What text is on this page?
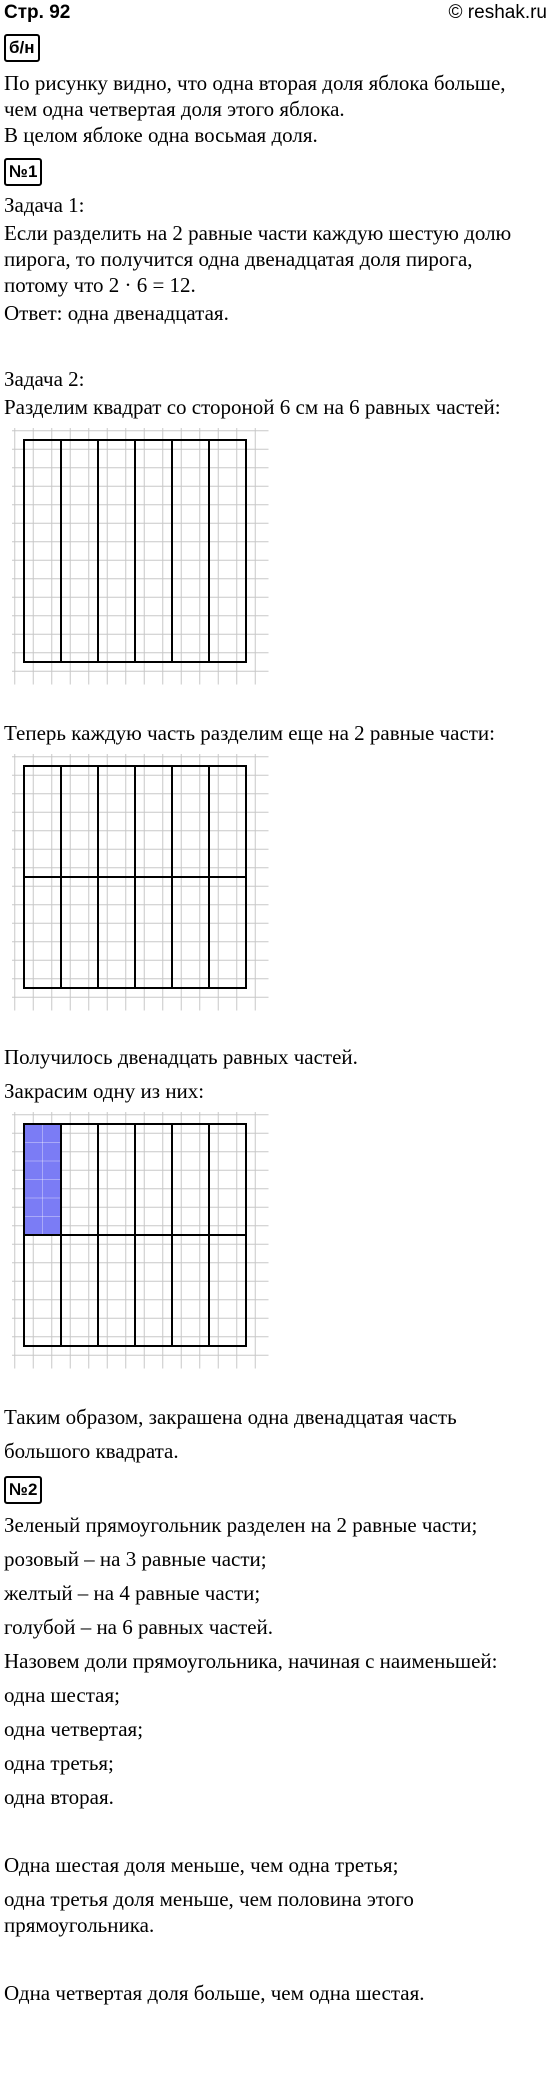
Стр. 92	© reshak.ru
б/н
По рисунку видно, что одна вторая доля яблока больше,
чем одна четвертая доля этого яблока.
В целом яблоке одна восьмая доля.
№1
Задача 1:
Если разделить на 2 равные части каждую шестую долю
пирога, то получится одна двенадцатая доля пирога,
потому что 2 · 6 = 12.
Ответ: одна двенадцатая.
Задача 2:
Разделим квадрат со стороной 6 см на 6 равных частей:
Теперь каждую часть разделим еще на 2 равные части:
Получилось двенадцать равных частей.
Закрасим одну из них:
Таким образом, закрашена одна двенадцатая часть
большого квадрата.
№2
Зеленый прямоугольник разделен на 2 равные части;
розовый – на 3 равные части;
желтый – на 4 равные части;
голубой – на 6 равных частей.
Назовем доли прямоугольника, начиная с наименьшей:
одна шестая;
одна четвертая;
одна третья;
одна вторая.
Одна шестая доля меньше, чем одна третья;
одна третья доля меньше, чем половина этого
прямоугольника.
Одна четвертая доля больше, чем одна шестая.
